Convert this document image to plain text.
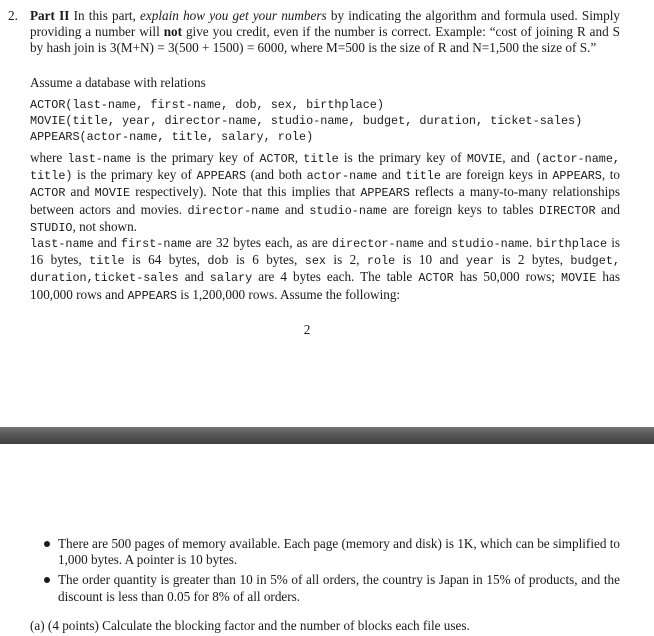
2. Part II In this part, explain how you get your numbers by indicating the algorithm and formula used. Simply providing a number will not give you credit, even if the number is correct. Example: “cost of joining R and S by hash join is 3(M+N) = 3(500 + 1500) = 6000, where M=500 is the size of R and N=1,500 the size of S.”
Assume a database with relations
ACTOR(last-name, first-name, dob, sex, birthplace)
MOVIE(title, year, director-name, studio-name, budget, duration, ticket-sales)
APPEARS(actor-name, title, salary, role)
where last-name is the primary key of ACTOR, title is the primary key of MOVIE, and (actor-name, title) is the primary key of APPEARS (and both actor-name and title are foreign keys in APPEARS, to ACTOR and MOVIE respectively). Note that this implies that APPEARS reflects a many-to-many relationships between actors and movies. director-name and studio-name are foreign keys to tables DIRECTOR and STUDIO, not shown.
last-name and first-name are 32 bytes each, as are director-name and studio-name. birthplace is 16 bytes, title is 64 bytes, dob is 6 bytes, sex is 2, role is 10 and year is 2 bytes, budget, duration,ticket-sales and salary are 4 bytes each. The table ACTOR has 50,000 rows; MOVIE has 100,000 rows and APPEARS is 1,200,000 rows. Assume the following:
2
There are 500 pages of memory available. Each page (memory and disk) is 1K, which can be simplified to 1,000 bytes. A pointer is 10 bytes.
The order quantity is greater than 10 in 5% of all orders, the country is Japan in 15% of products, and the discount is less than 0.05 for 8% of all orders.
(a) (4 points) Calculate the blocking factor and the number of blocks each file uses.
